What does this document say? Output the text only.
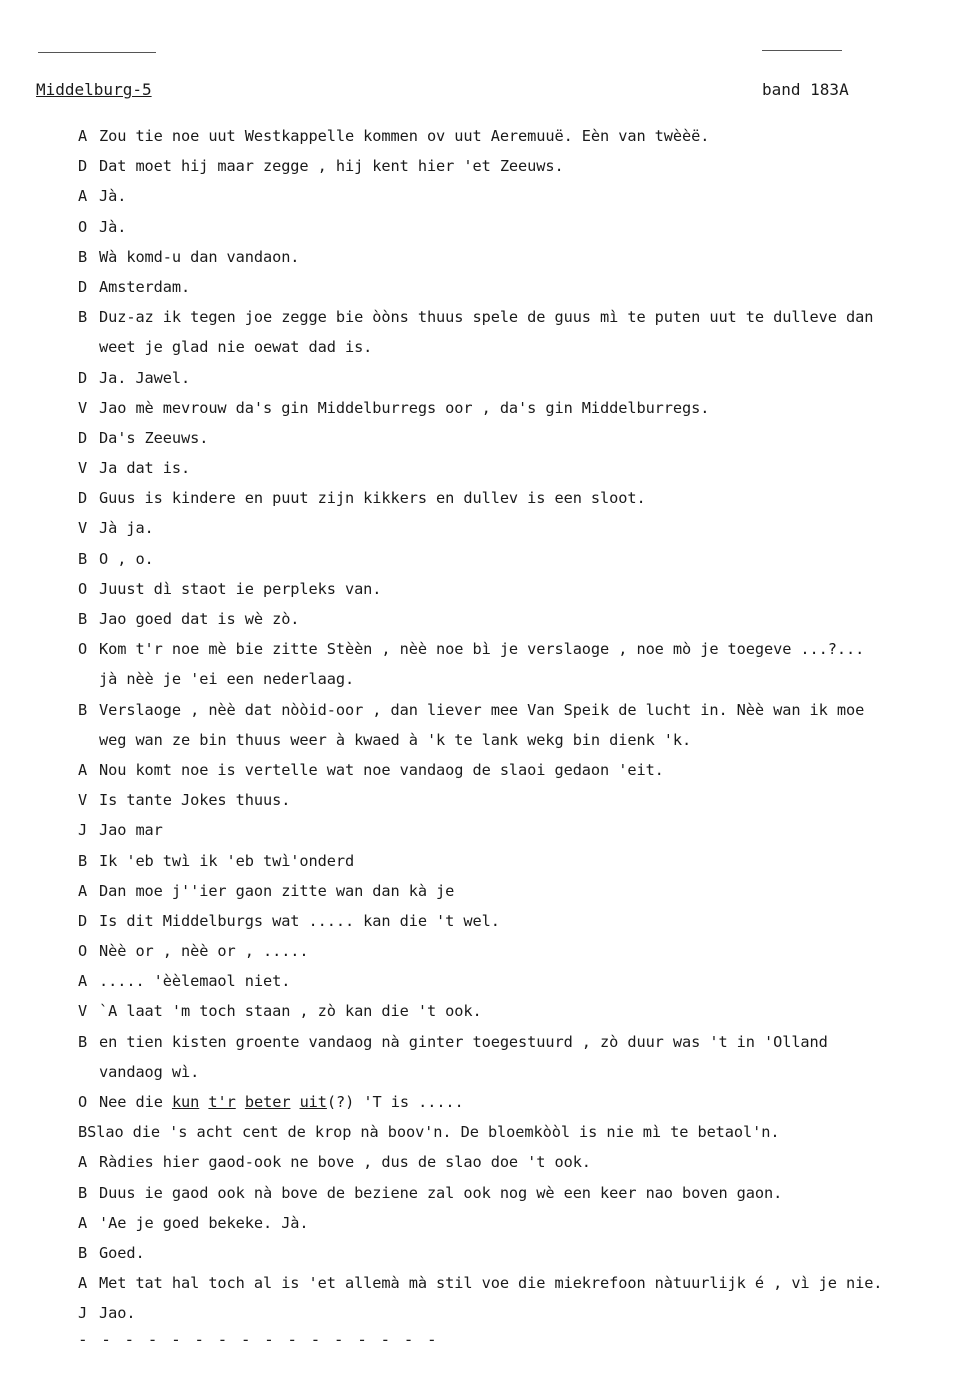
Middelburg-5	band 183A
A Zou tie noe uut Westkappelle kommen ov uut Aeremuuë. Eèn van twèèë.
D Dat moet hij maar zegge , hij kent hier 'et Zeeuws.
A Jà.
O Jà.
B Wà komd-u dan vandaon.
D Amsterdam.
B Duz-az ik tegen joe zegge bie òòns thuus spele de guus mì te puten uut te dulleve dan
weet je glad nie oewat dad is.
D Ja. Jawel.
V Jao mè mevrouw da's gin Middelburregs oor , da's gin Middelburregs.
D Da's Zeeuws.
V Ja dat is.
D Guus is kindere en puut zijn kikkers en dullev is een sloot.
V Jà ja.
B O , o.
O Juust dì staot ie perpleks van.
B Jao goed dat is wè zò.
O Kom t'r noe mè bie zitte Stèèn , nèè noe bì je verslaoge , noe mò je toegeve ...?...
jà nèè je 'ei een nederlaag.
B Verslaoge , nèè dat nòòid-oor , dan liever mee Van Speik de lucht in. Nèè wan ik moe
weg wan ze bin thuus weer à kwaed à 'k te lank wekg bin dienk 'k.
A Nou komt noe is vertelle wat noe vandaog de slaoi gedaon 'eit.
V Is tante Jokes thuus.
J Jao mar
B Ik 'eb twì ik 'eb twì'onderd
A Dan moe j''ier gaon zitte wan dan kà je
D Is dit Middelburgs wat ..... kan die 't wel.
O Nèè or , nèè or , .....
A ..... 'èèlemaol niet.
V `A laat 'm toch staan , zò kan die 't ook.
B en tien kisten groente vandaog nà ginter toegestuurd , zò duur was 't in 'Olland
vandaog wì.
O Nee die kun t'r beter uit(?) 'T is .....
BSlao die 's acht cent de krop nà boov'n. De bloemkòòl is nie mì te betaol'n.
A Ràdies hier gaod-ook ne bove , dus de slao doe 't ook.
B Duus ie gaod ook nà bove de beziene zal ook nog wè een keer nao boven gaon.
A 'Ae je goed bekeke. Jà.
B Goed.
A Met tat hal toch al is 'et allemà mà stil voe die miekrefoon nàtuurlijk é , vì je nie.
J Jao.
- - - - - - - - - - - - - - - -
